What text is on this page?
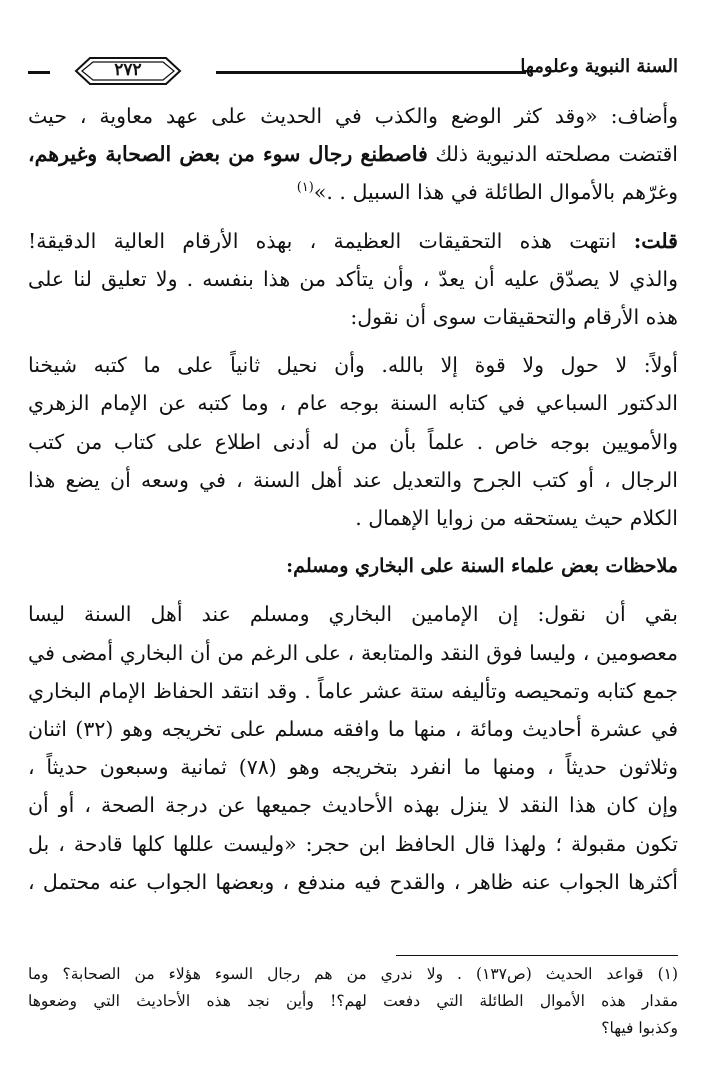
٢٧٢	السنة النبوية وعلومها
وأضاف: «وقد كثر الوضع والكذب في الحديث على عهد معاوية ، حيث
اقتضت مصلحته الدنيوية ذلك فاصطنع رجال سوء من بعض الصحابة وغيرهم،
وغرّهم بالأموال الطائلة في هذا السبيل . .»$^{(١)}$
قلت: انتهت هذه التحقيقات العظيمة ، بهذه الأرقام العالية الدقيقة!
والذي لا يصدّق عليه أن يعدّ ، وأن يتأكد من هذا بنفسه . ولا تعليق لنا على
هذه الأرقام والتحقيقات سوى أن نقول:
أولاً: لا حول ولا قوة إلا بالله. وأن نحيل ثانياً على ما كتبه شيخنا
الدكتور السباعي في كتابه السنة بوجه عام ، وما كتبه عن الإمام الزهري
والأمويين بوجه خاص . علماً بأن من له أدنى اطلاع على كتاب من كتب
الرجال ، أو كتب الجرح والتعديل عند أهل السنة ، في وسعه أن يضع هذا
الكلام حيث يستحقه من زوايا الإهمال .
ملاحظات بعض علماء السنة على البخاري ومسلم:
بقي أن نقول: إن الإمامين البخاري ومسلم عند أهل السنة ليسا
معصومين ، وليسا فوق النقد والمتابعة ، على الرغم من أن البخاري أمضى في
جمع كتابه وتمحيصه وتأليفه ستة عشر عاماً . وقد انتقد الحفاظ الإمام البخاري
في عشرة أحاديث ومائة ، منها ما وافقه مسلم على تخريجه وهو (٣٢) اثنان
وثلاثون حديثاً ، ومنها ما انفرد بتخريجه وهو (٧٨) ثمانية وسبعون حديثاً ،
وإن كان هذا النقد لا ينزل بهذه الأحاديث جميعها عن درجة الصحة ، أو أن
تكون مقبولة ؛ ولهذا قال الحافظ ابن حجر: «وليست عللها كلها قادحة ، بل
أكثرها الجواب عنه ظاهر ، والقدح فيه مندفع ، وبعضها الجواب عنه محتمل ،
(١) قواعد الحديث (ص١٣٧) . ولا ندري من هم رجال السوء هؤلاء من الصحابة؟ وما
مقدار هذه الأموال الطائلة التي دفعت لهم؟! وأين نجد هذه الأحاديث التي وضعوها
وكذبوا فيها؟
